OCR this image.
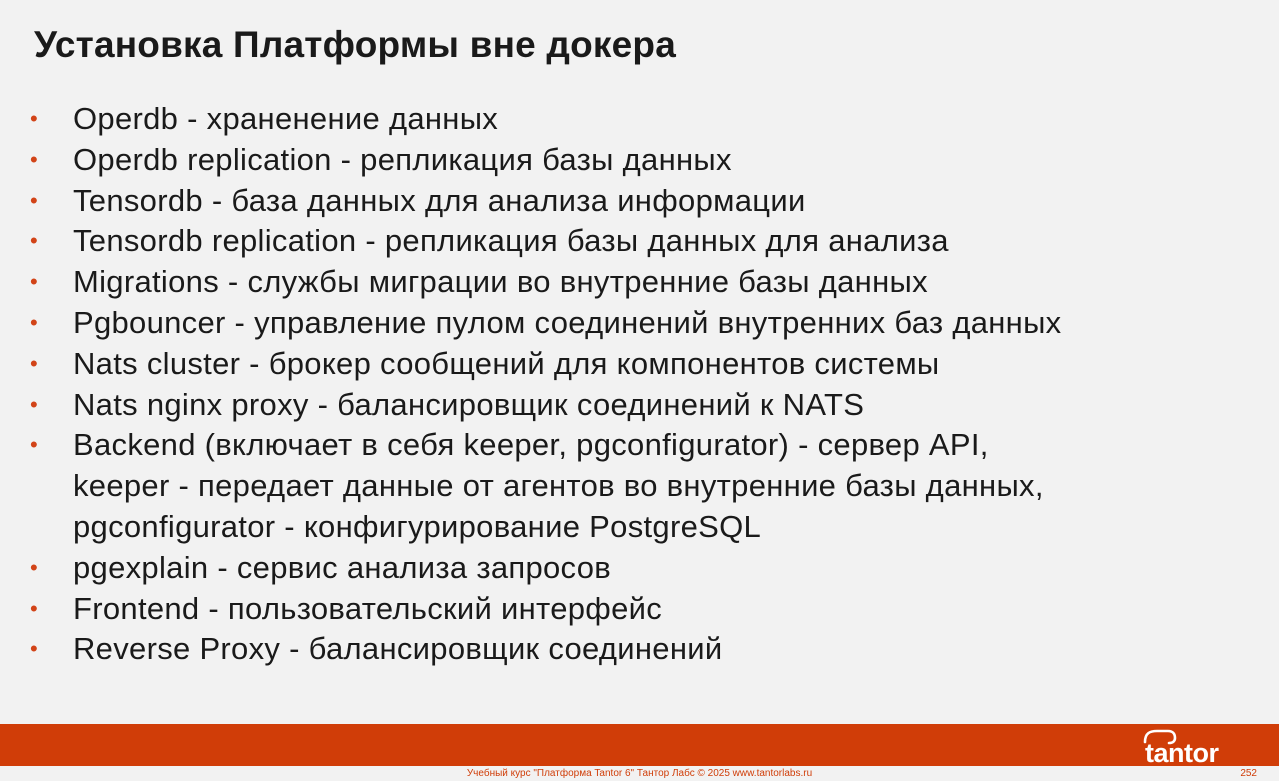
Установка Платформы вне докера
• Operdb - храненение данных
• Operdb replication - репликация базы данных
• Tensordb - база данных для анализа информации
• Tensordb replication - репликация базы данных для анализа
• Migrations - службы миграции во внутренние базы данных
• Pgbouncer - управление пулом соединений внутренних баз данных
• Nats cluster - брокер сообщений для компонентов системы
• Nats nginx proxy - балансировщик соединений к NATS
• Backend (включает в себя keeper, pgconfigurator) - сервер API,
keeper - передает данные от агентов во внутренние базы данных,
pgconfigurator - конфигурирование PostgreSQL
• pgexplain - сервис анализа запросов
• Frontend - пользовательский интерфейс
• Reverse Proxy - балансировщик соединений
tantor
Учебный курс "Платформа Tantor 6" Тантор Лабс © 2025 www.tantorlabs.ru	252
